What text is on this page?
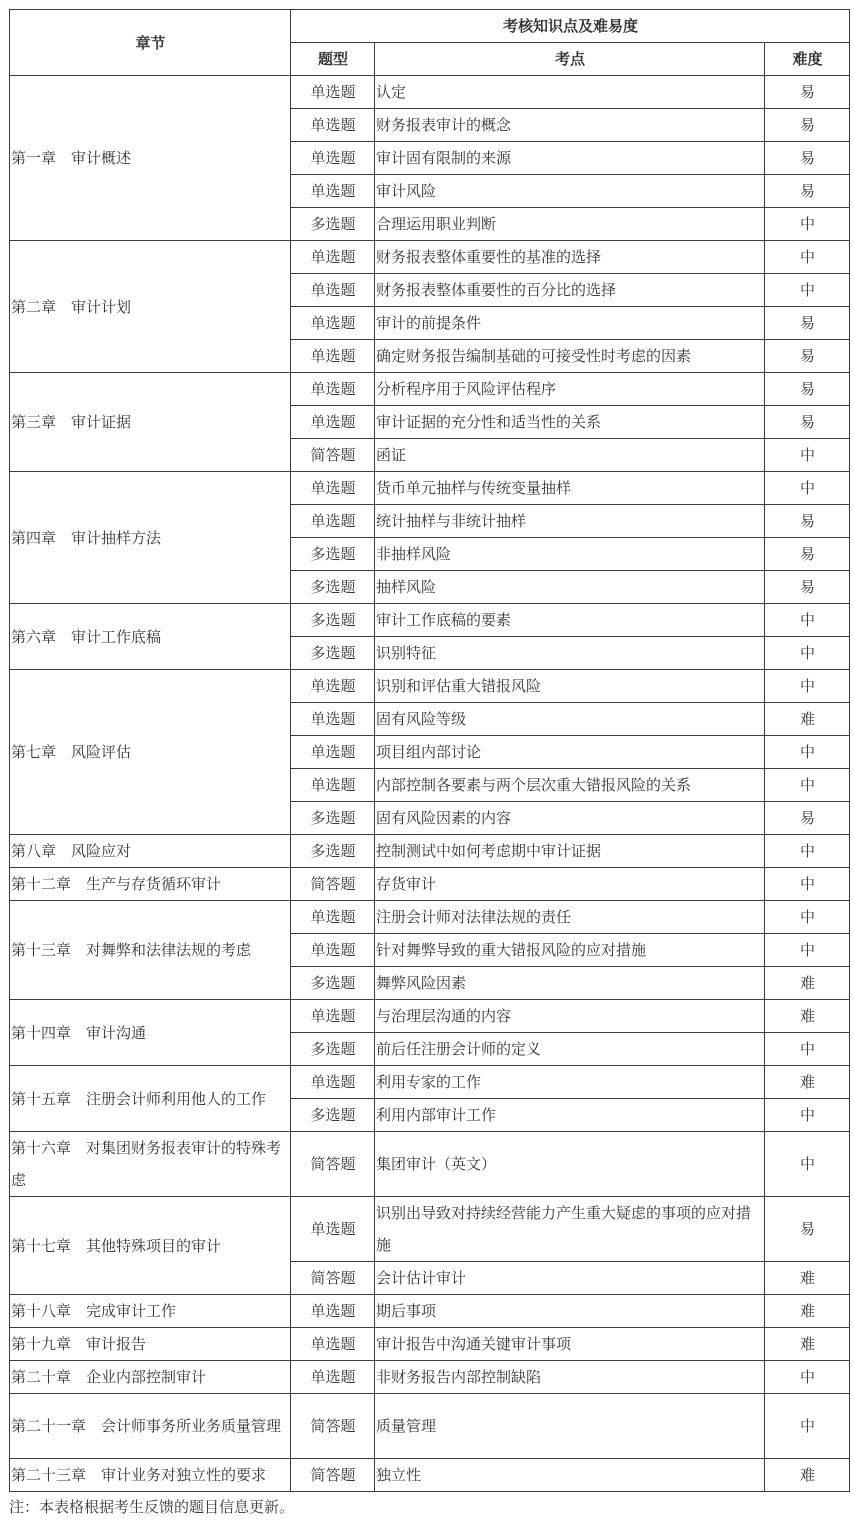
章节	考核知识点及难易度		
	题型	考点	难度
第一章　审计概述	单选题	认定	易
	单选题	财务报表审计的概念	易
	单选题	审计固有限制的来源	易
	单选题	审计风险	易
	多选题	合理运用职业判断	中
第二章　审计计划	单选题	财务报表整体重要性的基准的选择	中
	单选题	财务报表整体重要性的百分比的选择	中
	单选题	审计的前提条件	易
	单选题	确定财务报告编制基础的可接受性时考虑的因素	易
第三章　审计证据	单选题	分析程序用于风险评估程序	易
	单选题	审计证据的充分性和适当性的关系	易
	简答题	函证	中
第四章　审计抽样方法	单选题	货币单元抽样与传统变量抽样	中
	单选题	统计抽样与非统计抽样	易
	多选题	非抽样风险	易
	多选题	抽样风险	易
第六章　审计工作底稿	多选题	审计工作底稿的要素	中
	多选题	识别特征	中
第七章　风险评估	单选题	识别和评估重大错报风险	中
	单选题	固有风险等级	难
	单选题	项目组内部讨论	中
	单选题	内部控制各要素与两个层次重大错报风险的关系	中
	多选题	固有风险因素的内容	易
第八章　风险应对	多选题	控制测试中如何考虑期中审计证据	中
第十二章　生产与存货循环审计	简答题	存货审计	中
第十三章　对舞弊和法律法规的考虑	单选题	注册会计师对法律法规的责任	中
	单选题	针对舞弊导致的重大错报风险的应对措施	中
	多选题	舞弊风险因素	难
第十四章　审计沟通	单选题	与治理层沟通的内容	难
	多选题	前后任注册会计师的定义	中
第十五章　注册会计师利用他人的工作	单选题	利用专家的工作	难
	多选题	利用内部审计工作	中
第十六章　对集团财务报表审计的特殊考虑	简答题	集团审计（英文）	中
第十七章　其他特殊项目的审计	单选题	识别出导致对持续经营能力产生重大疑虑的事项的应对措施	易
	简答题	会计估计审计	难
第十八章　完成审计工作	单选题	期后事项	难
第十九章　审计报告	单选题	审计报告中沟通关键审计事项	难
第二十章　企业内部控制审计	单选题	非财务报告内部控制缺陷	中
第二十一章　会计师事务所业务质量管理	简答题	质量管理	中
第二十三章　审计业务对独立性的要求	简答题	独立性	难
注：本表格根据考生反馈的题目信息更新。
